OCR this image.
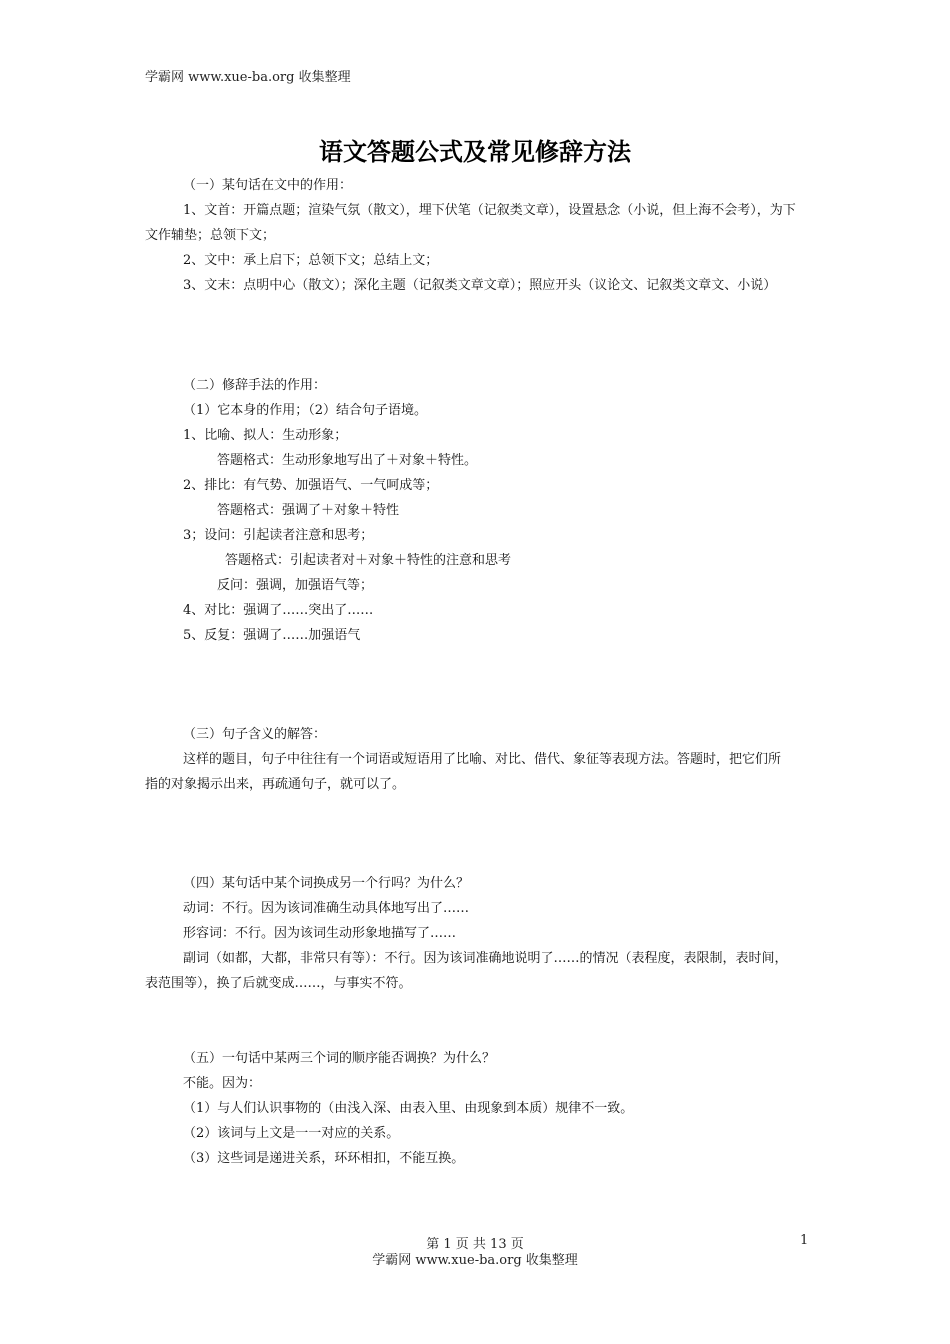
学霸网 www.xue-ba.org 收集整理
语文答题公式及常见修辞方法
（一）某句话在文中的作用：
1、文首：开篇点题；渲染气氛（散文），埋下伏笔（记叙类文章），设置悬念（小说，但上海不会考），为下
文作辅垫；总领下文；
2、文中：承上启下；总领下文；总结上文；
3、文末：点明中心（散文）；深化主题（记叙类文章文章）；照应开头（议论文、记叙类文章文、小说）
（二）修辞手法的作用：
（1）它本身的作用；（2）结合句子语境。
1、比喻、拟人：生动形象；
答题格式：生动形象地写出了＋对象＋特性。
2、排比：有气势、加强语气、一气呵成等；
答题格式：强调了＋对象＋特性
3；设问：引起读者注意和思考；
答题格式：引起读者对＋对象＋特性的注意和思考
反问：强调，加强语气等；
4、对比：强调了……突出了……
5、反复：强调了……加强语气
（三）句子含义的解答：
这样的题目，句子中往往有一个词语或短语用了比喻、对比、借代、象征等表现方法。答题时，把它们所
指的对象揭示出来，再疏通句子，就可以了。
（四）某句话中某个词换成另一个行吗？为什么？
动词：不行。因为该词准确生动具体地写出了……
形容词：不行。因为该词生动形象地描写了……
副词（如都，大都，非常只有等）：不行。因为该词准确地说明了……的情况（表程度，表限制，表时间，
表范围等），换了后就变成……，与事实不符。
（五）一句话中某两三个词的顺序能否调换？为什么？
不能。因为：
（1）与人们认识事物的（由浅入深、由表入里、由现象到本质）规律不一致。
（2）该词与上文是一一对应的关系。
（3）这些词是递进关系，环环相扣，不能互换。
第 1 页 共 13 页	1
学霸网 www.xue-ba.org 收集整理
